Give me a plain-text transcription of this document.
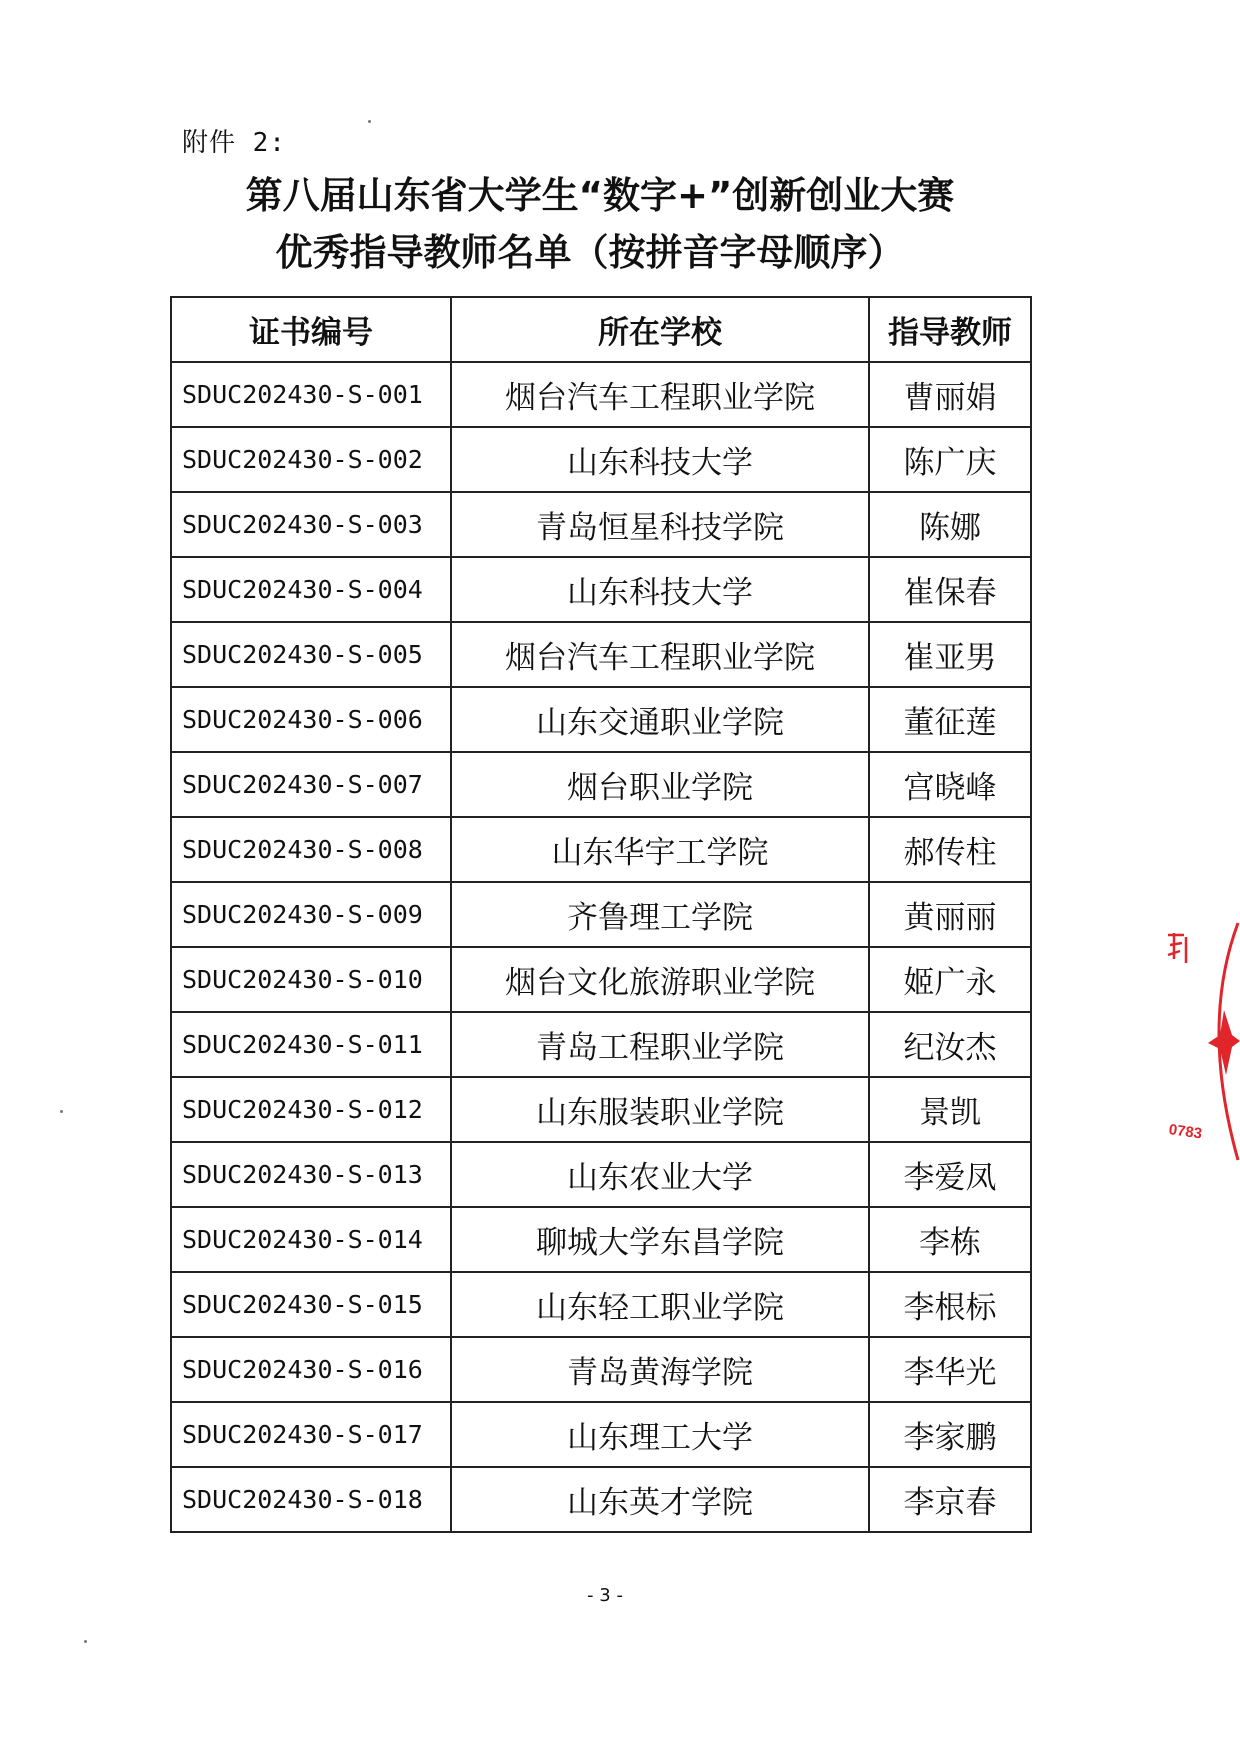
附件 2:
第八届山东省大学生“数字+”创新创业大赛
优秀指导教师名单（按拼音字母顺序）
证书编号	所在学校	指导教师
SDUC202430-S-001	烟台汽车工程职业学院	曹丽娟
SDUC202430-S-002	山东科技大学	陈广庆
SDUC202430-S-003	青岛恒星科技学院	陈娜
SDUC202430-S-004	山东科技大学	崔保春
SDUC202430-S-005	烟台汽车工程职业学院	崔亚男
SDUC202430-S-006	山东交通职业学院	董征莲
SDUC202430-S-007	烟台职业学院	宫晓峰
SDUC202430-S-008	山东华宇工学院	郝传柱
SDUC202430-S-009	齐鲁理工学院	黄丽丽
SDUC202430-S-010	烟台文化旅游职业学院	姬广永
SDUC202430-S-011	青岛工程职业学院	纪汝杰
SDUC202430-S-012	山东服装职业学院	景凯
SDUC202430-S-013	山东农业大学	李爱凤
SDUC202430-S-014	聊城大学东昌学院	李栋
SDUC202430-S-015	山东轻工职业学院	李根标
SDUC202430-S-016	青岛黄海学院	李华光
SDUC202430-S-017	山东理工大学	李家鹏
SDUC202430-S-018	山东英才学院	李京春
- 3 -
0783
